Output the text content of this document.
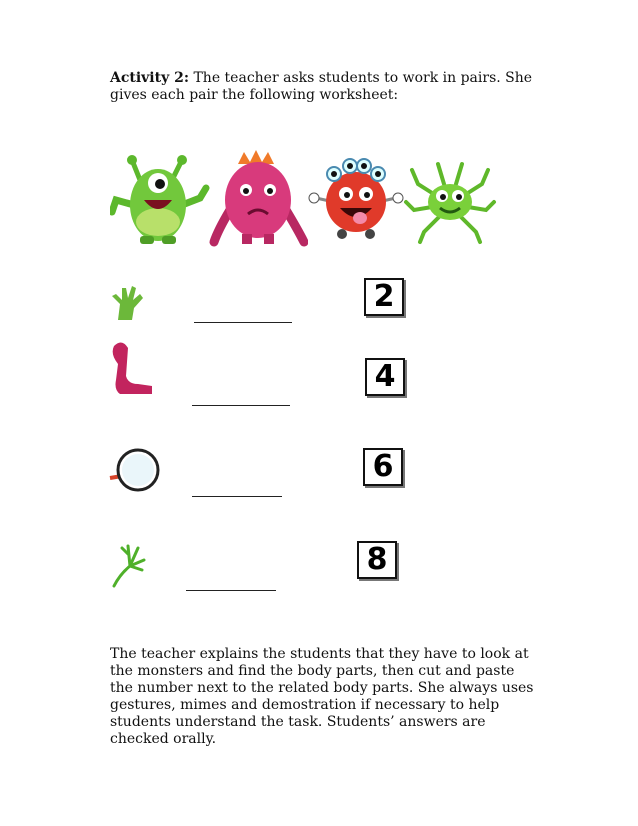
Activity 2: The teacher asks students to work in pairs. She gives each pair the following worksheet:

2
4
6
8

The teacher explains the students that they have to look at the monsters and find the body parts, then cut and paste the number next to the related body parts. She always uses gestures, mimes and demostration if necessary to help students understand the task. Students’ answers are checked orally.
